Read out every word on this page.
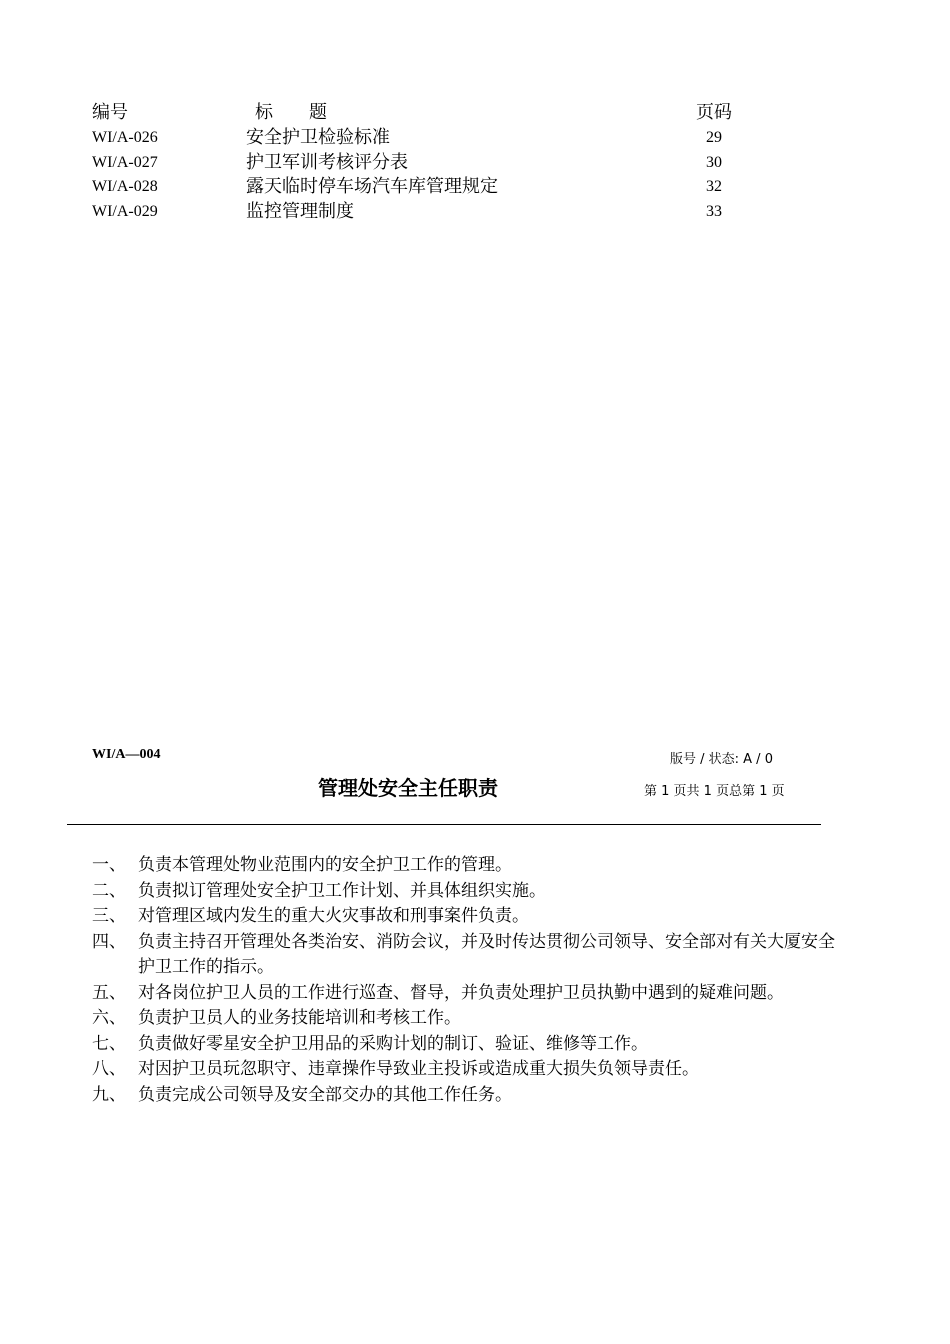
编号	标　　题	页码
WI/A-026	安全护卫检验标准	29
WI/A-027	护卫军训考核评分表	30
WI/A-028	露天临时停车场汽车库管理规定	32
WI/A-029	监控管理制度	33
WI/A—004	版号 / 状态: A / 0
管理处安全主任职责	第 1 页共 1 页总第 1 页
一、 负责本管理处物业范围内的安全护卫工作的管理。
二、 负责拟订管理处安全护卫工作计划、并具体组织实施。
三、 对管理区域内发生的重大火灾事故和刑事案件负责。
四、 负责主持召开管理处各类治安、消防会议，并及时传达贯彻公司领导、安全部对有关大厦安全护卫工作的指示。
五、 对各岗位护卫人员的工作进行巡查、督导，并负责处理护卫员执勤中遇到的疑难问题。
六、 负责护卫员人的业务技能培训和考核工作。
七、 负责做好零星安全护卫用品的采购计划的制订、验证、维修等工作。
八、 对因护卫员玩忽职守、违章操作导致业主投诉或造成重大损失负领导责任。
九、 负责完成公司领导及安全部交办的其他工作任务。
